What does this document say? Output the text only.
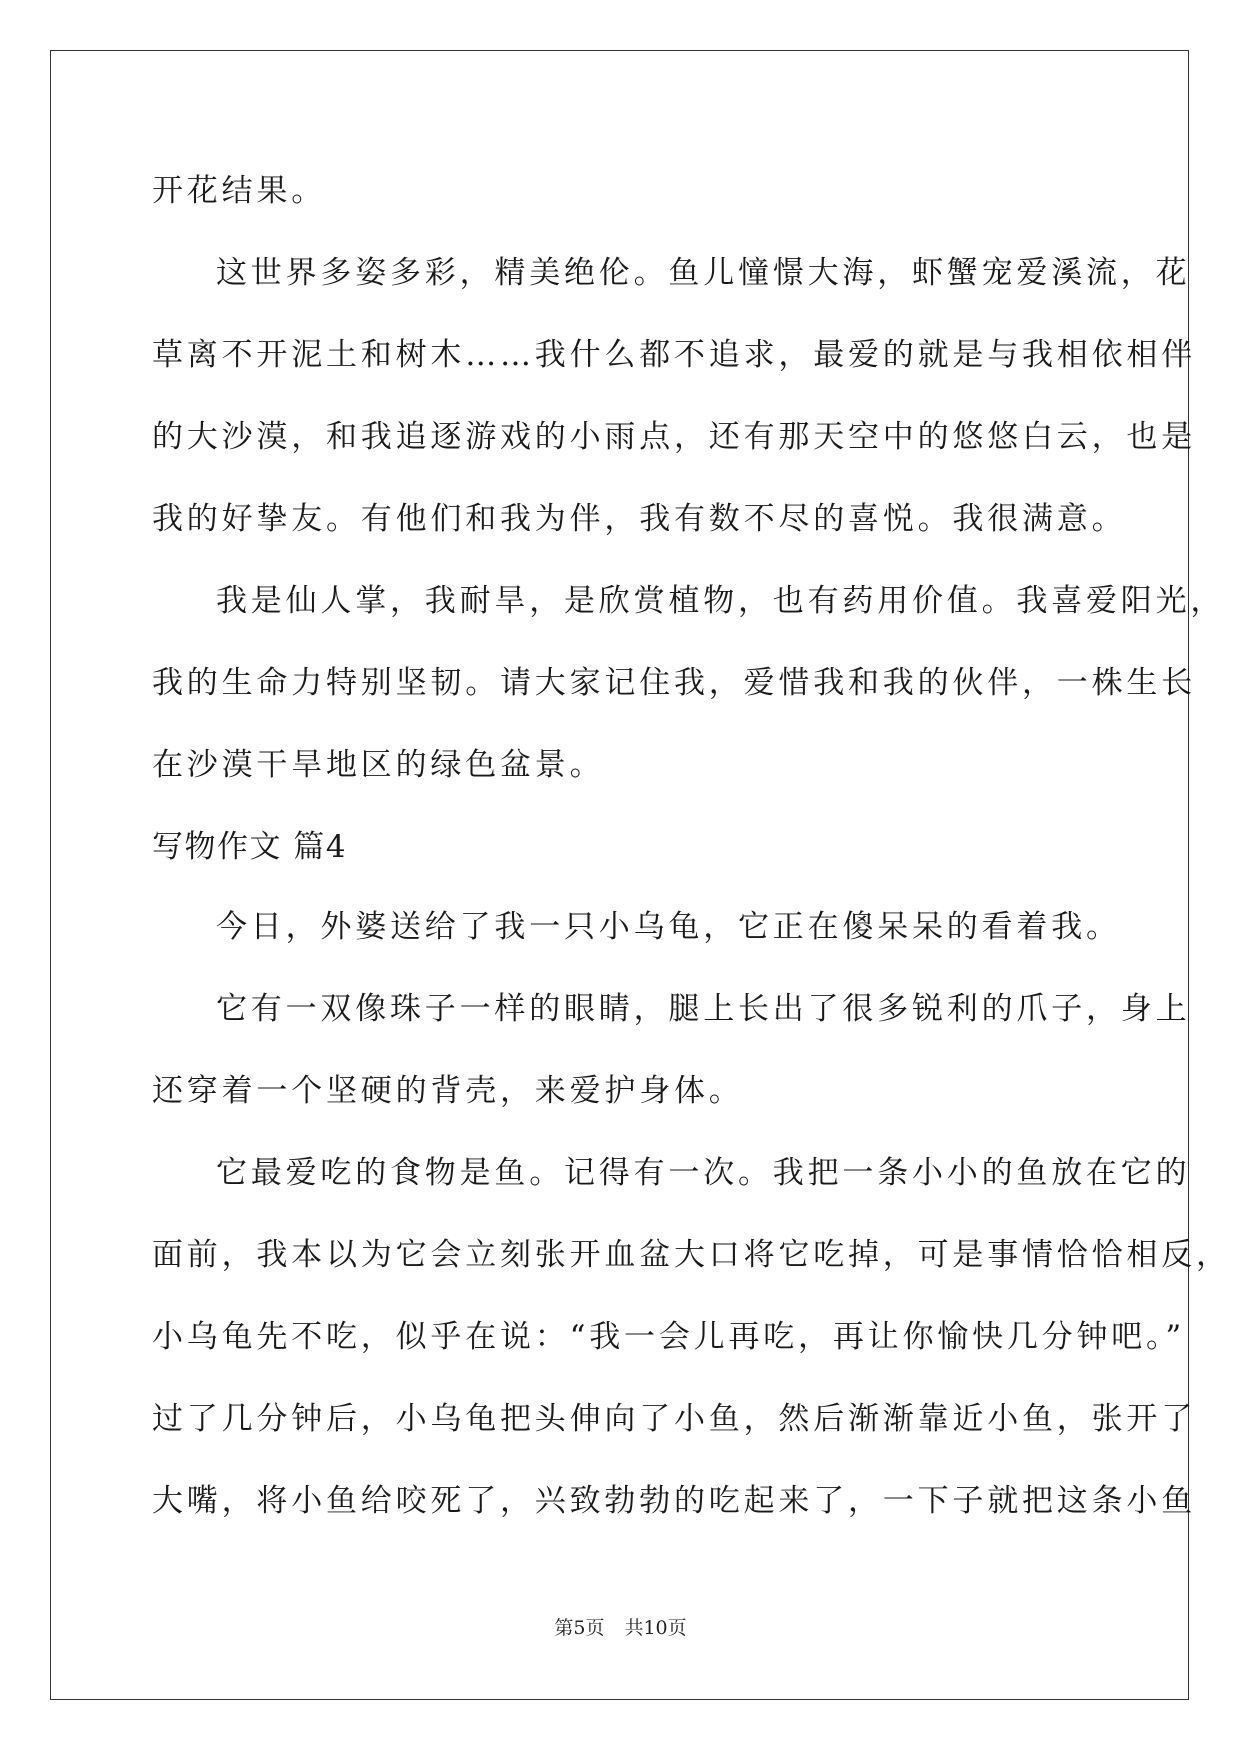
开花结果。
这世界多姿多彩，精美绝伦。鱼儿憧憬大海，虾蟹宠爱溪流，花
草离不开泥土和树木……我什么都不追求，最爱的就是与我相依相伴
的大沙漠，和我追逐游戏的小雨点，还有那天空中的悠悠白云，也是
我的好挚友。有他们和我为伴，我有数不尽的喜悦。我很满意。
我是仙人掌，我耐旱，是欣赏植物，也有药用价值。我喜爱阳光，
我的生命力特别坚韧。请大家记住我，爱惜我和我的伙伴，一株生长
在沙漠干旱地区的绿色盆景。
写物作文 篇4
今日，外婆送给了我一只小乌龟，它正在傻呆呆的看着我。
它有一双像珠子一样的眼睛，腿上长出了很多锐利的爪子，身上
还穿着一个坚硬的背壳，来爱护身体。
它最爱吃的食物是鱼。记得有一次。我把一条小小的鱼放在它的
面前，我本以为它会立刻张开血盆大口将它吃掉，可是事情恰恰相反，
小乌龟先不吃，似乎在说：“我一会儿再吃，再让你愉快几分钟吧。”
过了几分钟后，小乌龟把头伸向了小鱼，然后渐渐靠近小鱼，张开了
大嘴，将小鱼给咬死了，兴致勃勃的吃起来了，一下子就把这条小鱼
第5页 共10页
